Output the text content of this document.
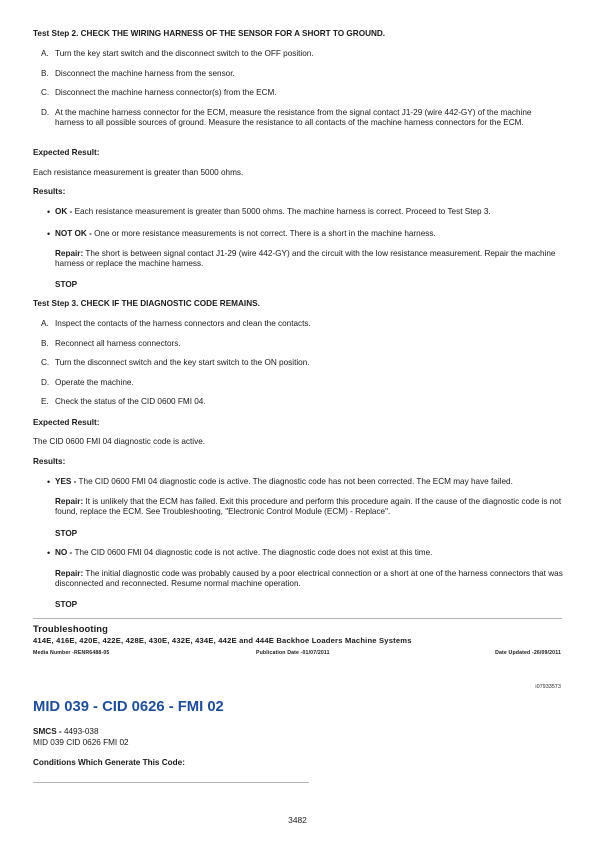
Test Step 2. CHECK THE WIRING HARNESS OF THE SENSOR FOR A SHORT TO GROUND.
A. Turn the key start switch and the disconnect switch to the OFF position.
B. Disconnect the machine harness from the sensor.
C. Disconnect the machine harness connector(s) from the ECM.
D. At the machine harness connector for the ECM, measure the resistance from the signal contact J1-29 (wire 442-GY) of the machine harness to all possible sources of ground. Measure the resistance to all contacts of the machine harness connectors for the ECM.
Expected Result:
Each resistance measurement is greater than 5000 ohms.
Results:
• OK - Each resistance measurement is greater than 5000 ohms. The machine harness is correct. Proceed to Test Step 3.
• NOT OK - One or more resistance measurements is not correct. There is a short in the machine harness.
Repair: The short is between signal contact J1-29 (wire 442-GY) and the circuit with the low resistance measurement. Repair the machine harness or replace the machine harness.
STOP
Test Step 3. CHECK IF THE DIAGNOSTIC CODE REMAINS.
A. Inspect the contacts of the harness connectors and clean the contacts.
B. Reconnect all harness connectors.
C. Turn the disconnect switch and the key start switch to the ON position.
D. Operate the machine.
E. Check the status of the CID 0600 FMI 04.
Expected Result:
The CID 0600 FMI 04 diagnostic code is active.
Results:
• YES - The CID 0600 FMI 04 diagnostic code is active. The diagnostic code has not been corrected. The ECM may have failed.
Repair: It is unlikely that the ECM has failed. Exit this procedure and perform this procedure again. If the cause of the diagnostic code is not found, replace the ECM. See Troubleshooting, "Electronic Control Module (ECM) - Replace".
STOP
• NO - The CID 0600 FMI 04 diagnostic code is not active. The diagnostic code does not exist at this time.
Repair: The initial diagnostic code was probably caused by a poor electrical connection or a short at one of the harness connectors that was disconnected and reconnected. Resume normal machine operation.
STOP
Troubleshooting
414E, 416E, 420E, 422E, 428E, 430E, 432E, 434E, 442E and 444E Backhoe Loaders Machine Systems
Media Number -RENR6488-05	Publication Date -01/07/2011	Date Updated -26/09/2011
i07933573
MID 039 - CID 0626 - FMI 02
SMCS - 4493-038
MID 039 CID 0626 FMI 02
Conditions Which Generate This Code:
3482
